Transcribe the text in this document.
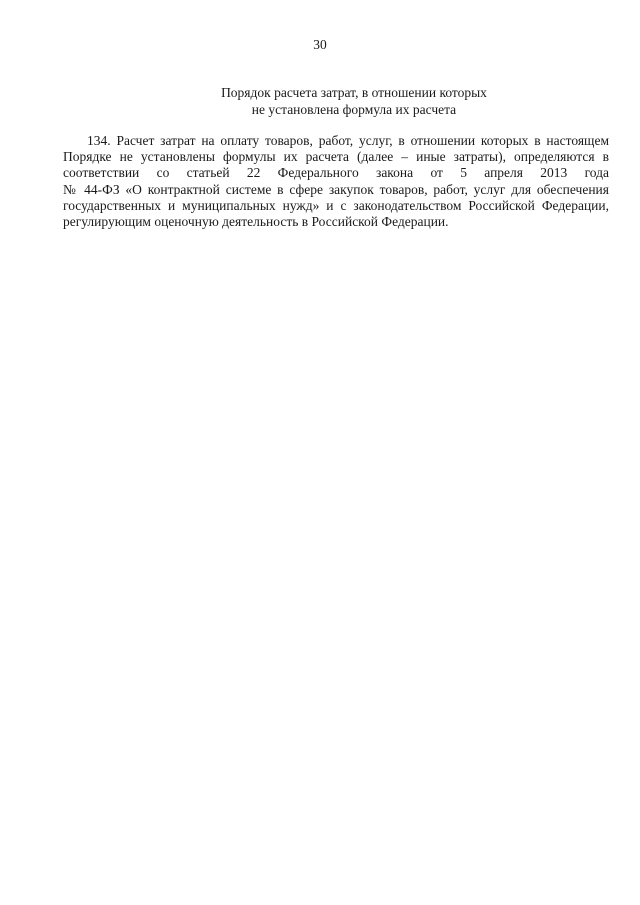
30
Порядок расчета затрат, в отношении которых
не установлена формула их расчета
134. Расчет затрат на оплату товаров, работ, услуг, в отношении которых в настоящем
Порядке не установлены формулы их расчета (далее – иные затраты), определяются в
соответствии со статьей 22 Федерального закона от 5 апреля 2013 года
№ 44-ФЗ «О контрактной системе в сфере закупок товаров, работ, услуг для обеспечения
государственных и муниципальных нужд» и с законодательством Российской Федерации,
регулирующим оценочную деятельность в Российской Федерации.
